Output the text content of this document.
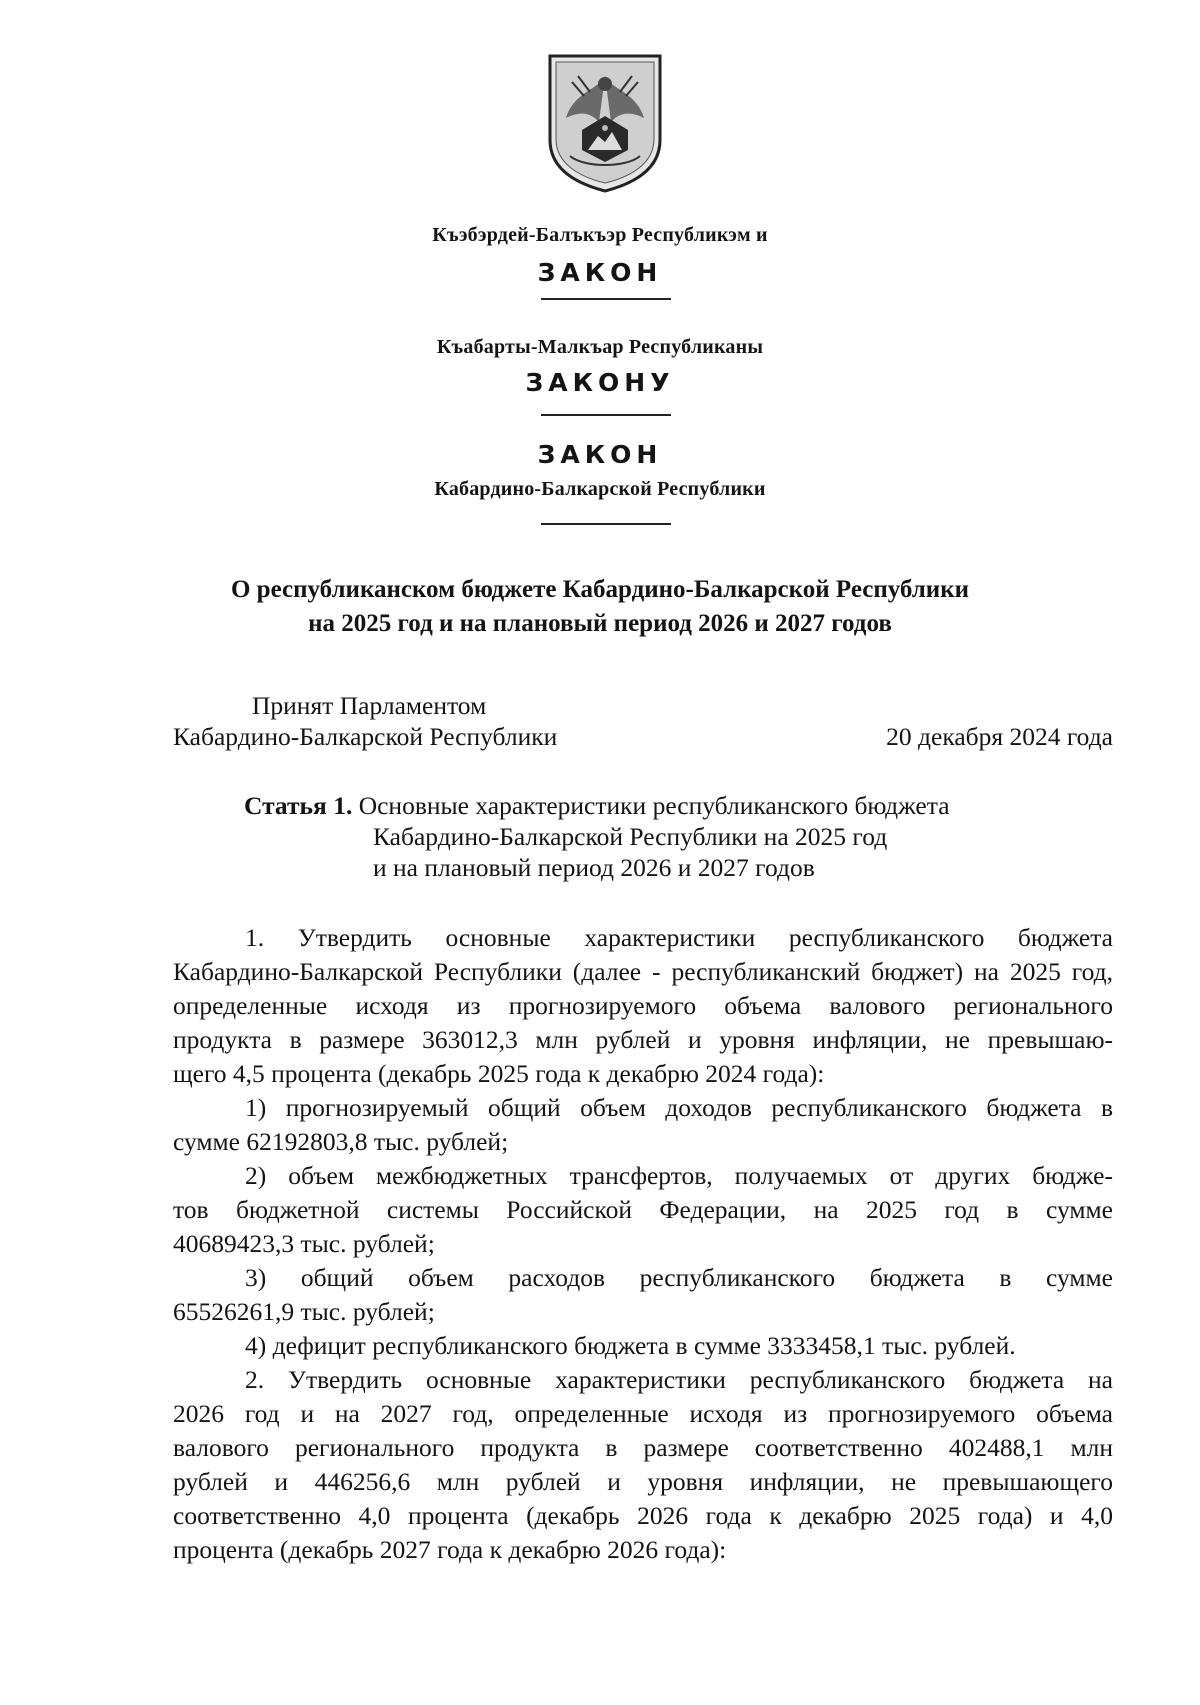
Къэбэрдей-Балъкъэр Республикэм и
ЗАКОН
Къабарты-Малкъар Республиканы
ЗАКОНУ
ЗАКОН
Кабардино-Балкарской Республики
О республиканском бюджете Кабардино-Балкарской Республики
на 2025 год и на плановый период 2026 и 2027 годов
Принят Парламентом
Кабардино-Балкарской Республики	20 декабря 2024 года
Статья 1. Основные характеристики республиканского бюджета
Кабардино-Балкарской Республики на 2025 год
и на плановый период 2026 и 2027 годов
1. Утвердить основные характеристики республиканского бюджета
Кабардино-Балкарской Республики (далее - республиканский бюджет) на 2025 год,
определенные исходя из прогнозируемого объема валового регионального
продукта в размере 363012,3 млн рублей и уровня инфляции, не превышаю-
щего 4,5 процента (декабрь 2025 года к декабрю 2024 года):
1) прогнозируемый общий объем доходов республиканского бюджета в
сумме 62192803,8 тыс. рублей;
2) объем межбюджетных трансфертов, получаемых от других бюдже-
тов бюджетной системы Российской Федерации, на 2025 год в сумме
40689423,3 тыс. рублей;
3) общий объем расходов республиканского бюджета в сумме
65526261,9 тыс. рублей;
4) дефицит республиканского бюджета в сумме 3333458,1 тыс. рублей.
2. Утвердить основные характеристики республиканского бюджета на
2026 год и на 2027 год, определенные исходя из прогнозируемого объема
валового регионального продукта в размере соответственно 402488,1 млн
рублей и 446256,6 млн рублей и уровня инфляции, не превышающего
соответственно 4,0 процента (декабрь 2026 года к декабрю 2025 года) и 4,0
процента (декабрь 2027 года к декабрю 2026 года):
